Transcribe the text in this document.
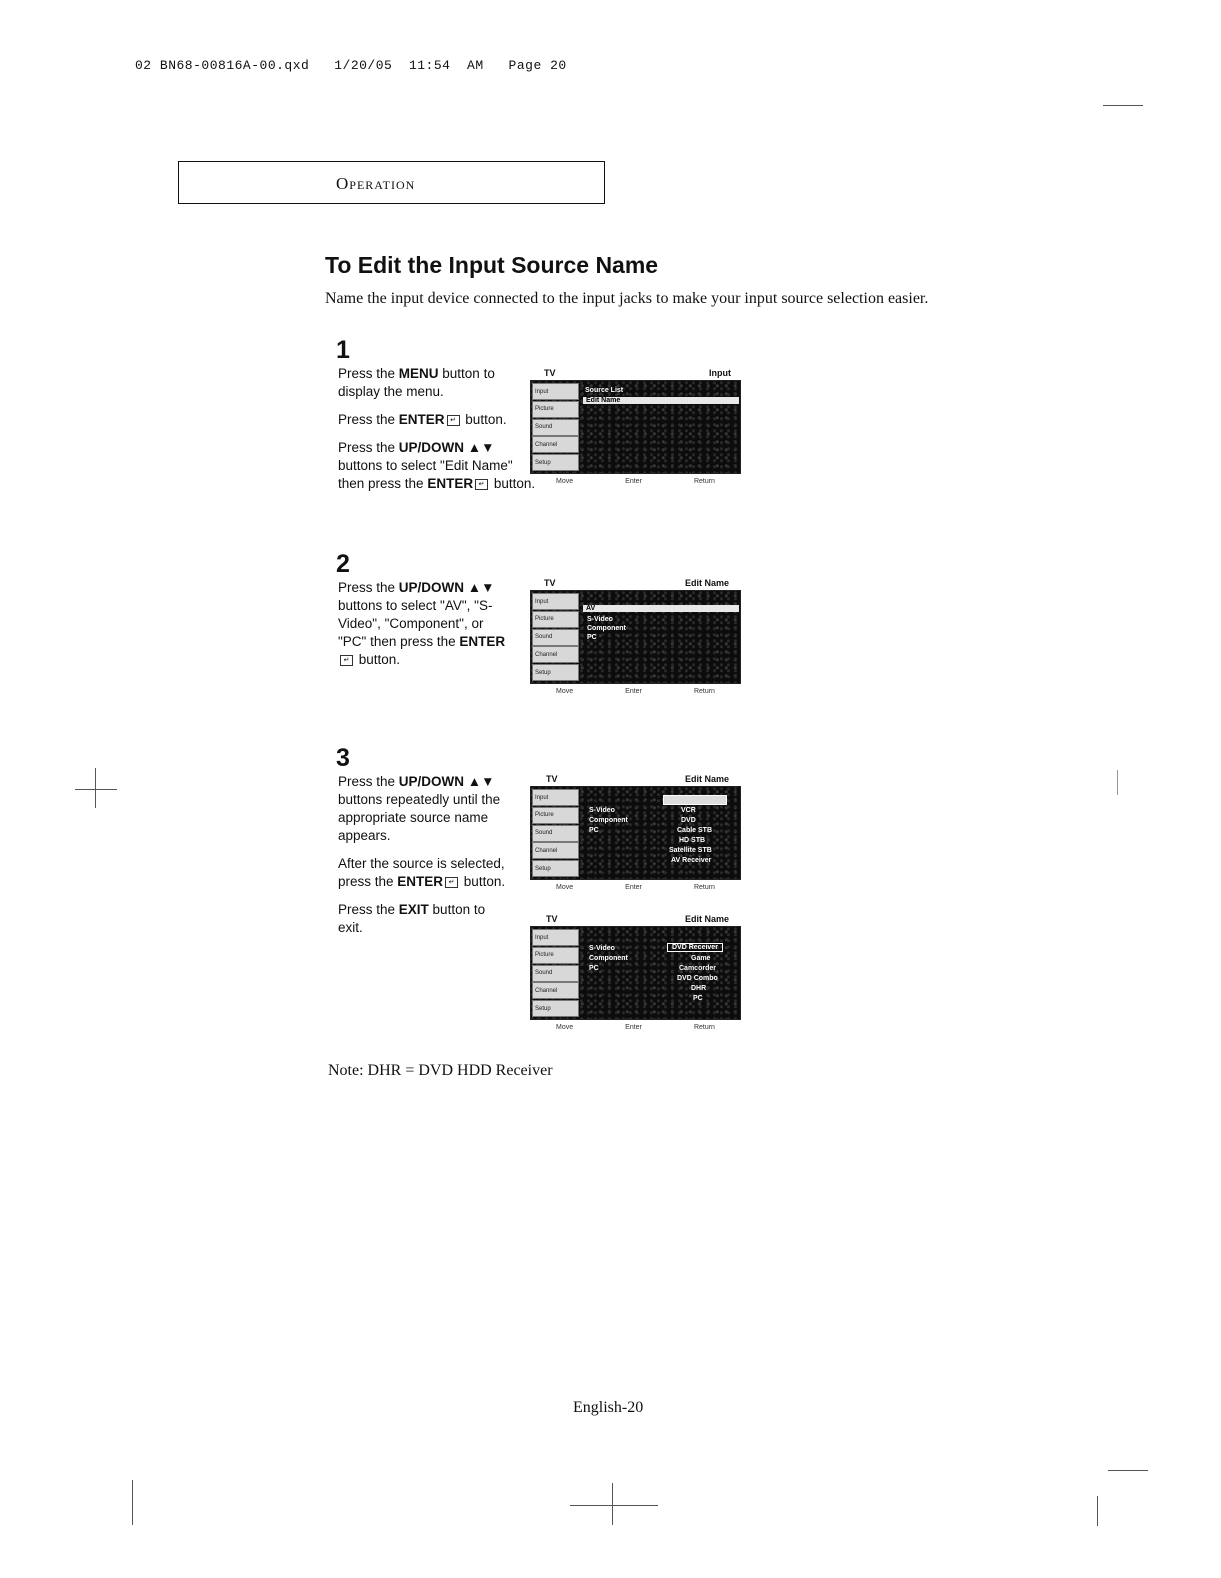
02 BN68-00816A-00.qxd   1/20/05  11:54  AM   Page 20
Operation
To Edit the Input Source Name
Name the input device connected to the input jacks to make your input source selection easier.
1
Press the MENU button to display the menu.
Press the ENTER ↵ button.
Press the UP/DOWN ▲▼ buttons to select "Edit Name" then press the ENTER ↵ button.
2
Press the UP/DOWN ▲▼ buttons to select "AV", "S-Video", "Component", or "PC" then press the ENTER↵ button.
3
Press the UP/DOWN ▲▼ buttons repeatedly until the appropriate source name appears.
After the source is selected, press the ENTER ↵ button.
Press the EXIT button to exit.
TV	Input
Input
Picture
Sound
Channel
Setup
Source List
Edit Name
Move	Enter	Return
TV	Edit Name
Input
Picture
Sound
Channel
Setup
AV
S-Video
Component
PC
Move	Enter	Return
TV	Edit Name
Input
Picture
Sound
Channel
Setup
S-Video
Component
PC
VCR
DVD
Cable STB
HD STB
Satellite STB
AV Receiver
Move	Enter	Return
TV	Edit Name
Input
Picture
Sound
Channel
Setup
S-Video
Component
PC
DVD Receiver
Game
Camcorder
DVD Combo
DHR
PC
Move	Enter	Return
Note: DHR = DVD HDD Receiver
English-20
